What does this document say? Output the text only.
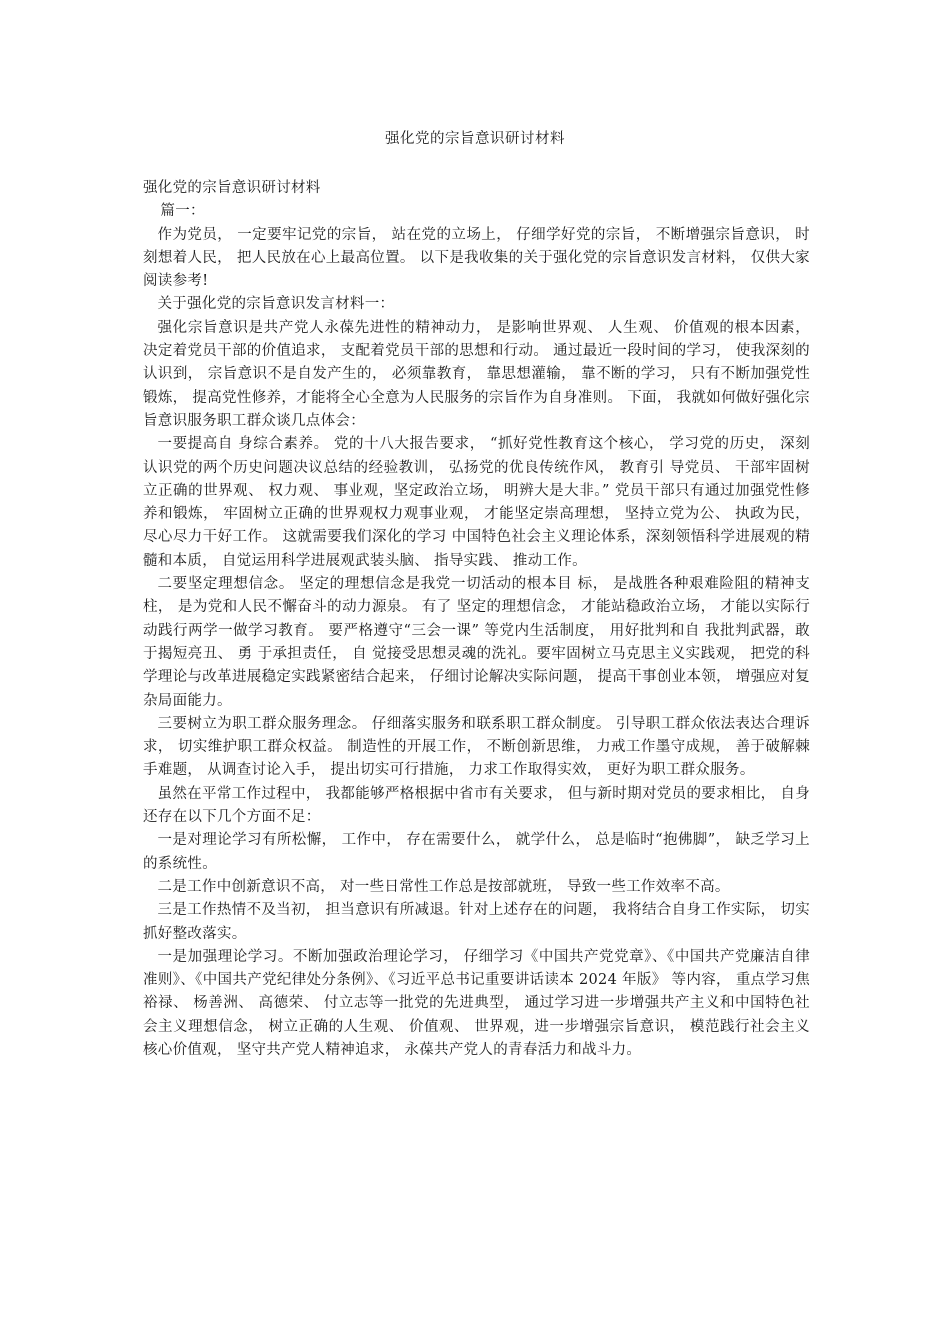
强化党的宗旨意识研讨材料

强化党的宗旨意识研讨材料

篇一：

作为党员， 一定要牢记党的宗旨， 站在党的立场上， 仔细学好党的宗旨， 不断增强宗旨意识， 时刻想着人民， 把人民放在心上最高位置。 以下是我收集的关于强化党的宗旨意识发言材料， 仅供大家阅读参考!

关于强化党的宗旨意识发言材料一：

强化宗旨意识是共产党人永葆先进性的精神动力， 是影响世界观、 人生观、 价值观的根本因素， 决定着党员干部的价值追求， 支配着党员干部的思想和行动。 通过最近一段时间的学习， 使我深刻的认识到， 宗旨意识不是自发产生的， 必须靠教育， 靠思想灌输， 靠不断的学习， 只有不断加强党性锻炼， 提高党性修养，才能将全心全意为人民服务的宗旨作为自身准则。 下面， 我就如何做好强化宗旨意识服务职工群众谈几点体会：

一要提高自 身综合素养。 党的十八大报告要求， “抓好党性教育这个核心， 学习党的历史， 深刻认识党的两个历史问题决议总结的经验教训， 弘扬党的优良传统作风， 教育引 导党员、 干部牢固树立正确的世界观、 权力观、 事业观，坚定政治立场， 明辨大是大非。” 党员干部只有通过加强党性修养和锻炼， 牢固树立正确的世界观权力观事业观， 才能坚定崇高理想， 坚持立党为公、 执政为民， 尽心尽力干好工作。 这就需要我们深化的学习 中国特色社会主义理论体系，深刻领悟科学进展观的精髓和本质， 自觉运用科学进展观武装头脑、 指导实践、 推动工作。

二要坚定理想信念。 坚定的理想信念是我党一切活动的根本目 标， 是战胜各种艰难险阻的精神支柱， 是为党和人民不懈奋斗的动力源泉。 有了 坚定的理想信念， 才能站稳政治立场， 才能以实际行动践行两学一做学习教育。 要严格遵守“三会一课” 等党内生活制度， 用好批判和自 我批判武器，敢于揭短亮丑、 勇 于承担责任， 自 觉接受思想灵魂的洗礼。要牢固树立马克思主义实践观， 把党的科学理论与改革进展稳定实践紧密结合起来， 仔细讨论解决实际问题， 提高干事创业本领， 增强应对复杂局面能力。

三要树立为职工群众服务理念。 仔细落实服务和联系职工群众制度。 引导职工群众依法表达合理诉求， 切实维护职工群众权益。 制造性的开展工作， 不断创新思维， 力戒工作墨守成规， 善于破解棘手难题， 从调查讨论入手， 提出切实可行措施， 力求工作取得实效， 更好为职工群众服务。

虽然在平常工作过程中， 我都能够严格根据中省市有关要求， 但与新时期对党员的要求相比， 自身还存在以下几个方面不足：

一是对理论学习有所松懈， 工作中， 存在需要什么， 就学什么， 总是临时“抱佛脚”， 缺乏学习上的系统性。

二是工作中创新意识不高， 对一些日常性工作总是按部就班， 导致一些工作效率不高。

三是工作热情不及当初， 担当意识有所减退。针对上述存在的问题， 我将结合自身工作实际， 切实抓好整改落实。

一是加强理论学习。不断加强政治理论学习， 仔细学习《中国共产党党章》、《中国共产党廉洁自律准则》、《中国共产党纪律处分条例》、《习近平总书记重要讲话读本 2024 年版》 等内容， 重点学习焦裕禄、 杨善洲、 高德荣、 付立志等一批党的先进典型， 通过学习进一步增强共产主义和中国特色社会主义理想信念， 树立正确的人生观、 价值观、 世界观，进一步增强宗旨意识， 模范践行社会主义核心价值观， 坚守共产党人精神追求， 永葆共产党人的青春活力和战斗力。
